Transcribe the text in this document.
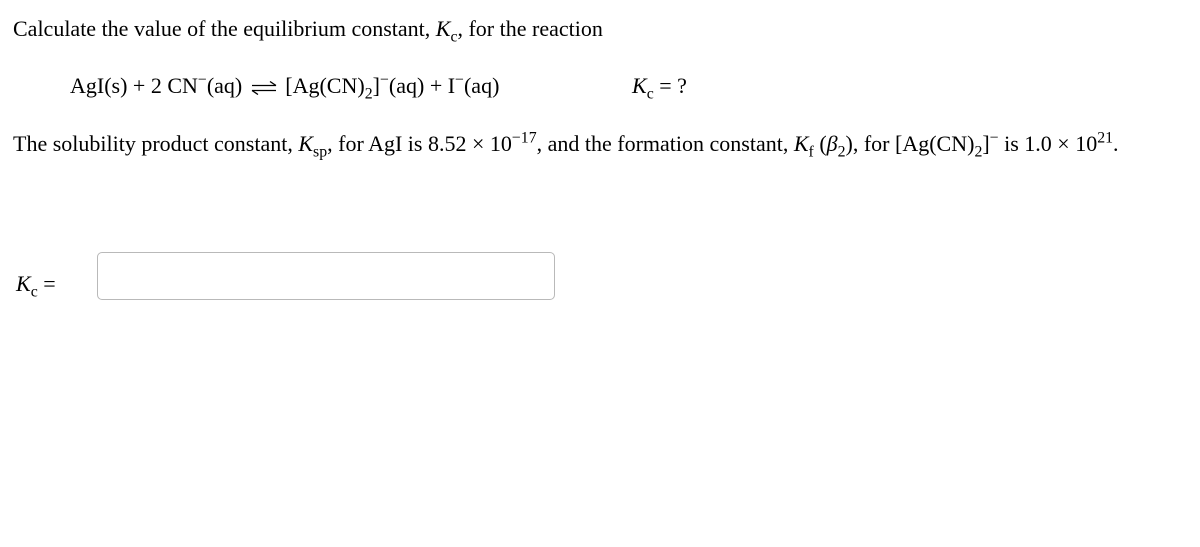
Calculate the value of the equilibrium constant, $K_c$, for the reaction
AgI(s) + 2 CN−(aq) ⇌ $[Ag(CN)_2]^-(aq) + I^-(aq)$	$K_c$ = ?
The solubility product constant, $K_{sp}$, for AgI is $8.52 \times 10^{-17}$, and the formation constant, $K_f$ $(\beta_2)$, for $[Ag(CN)_2]^-$ is $1.0 \times 10^{21}$.
$K_c$ =
